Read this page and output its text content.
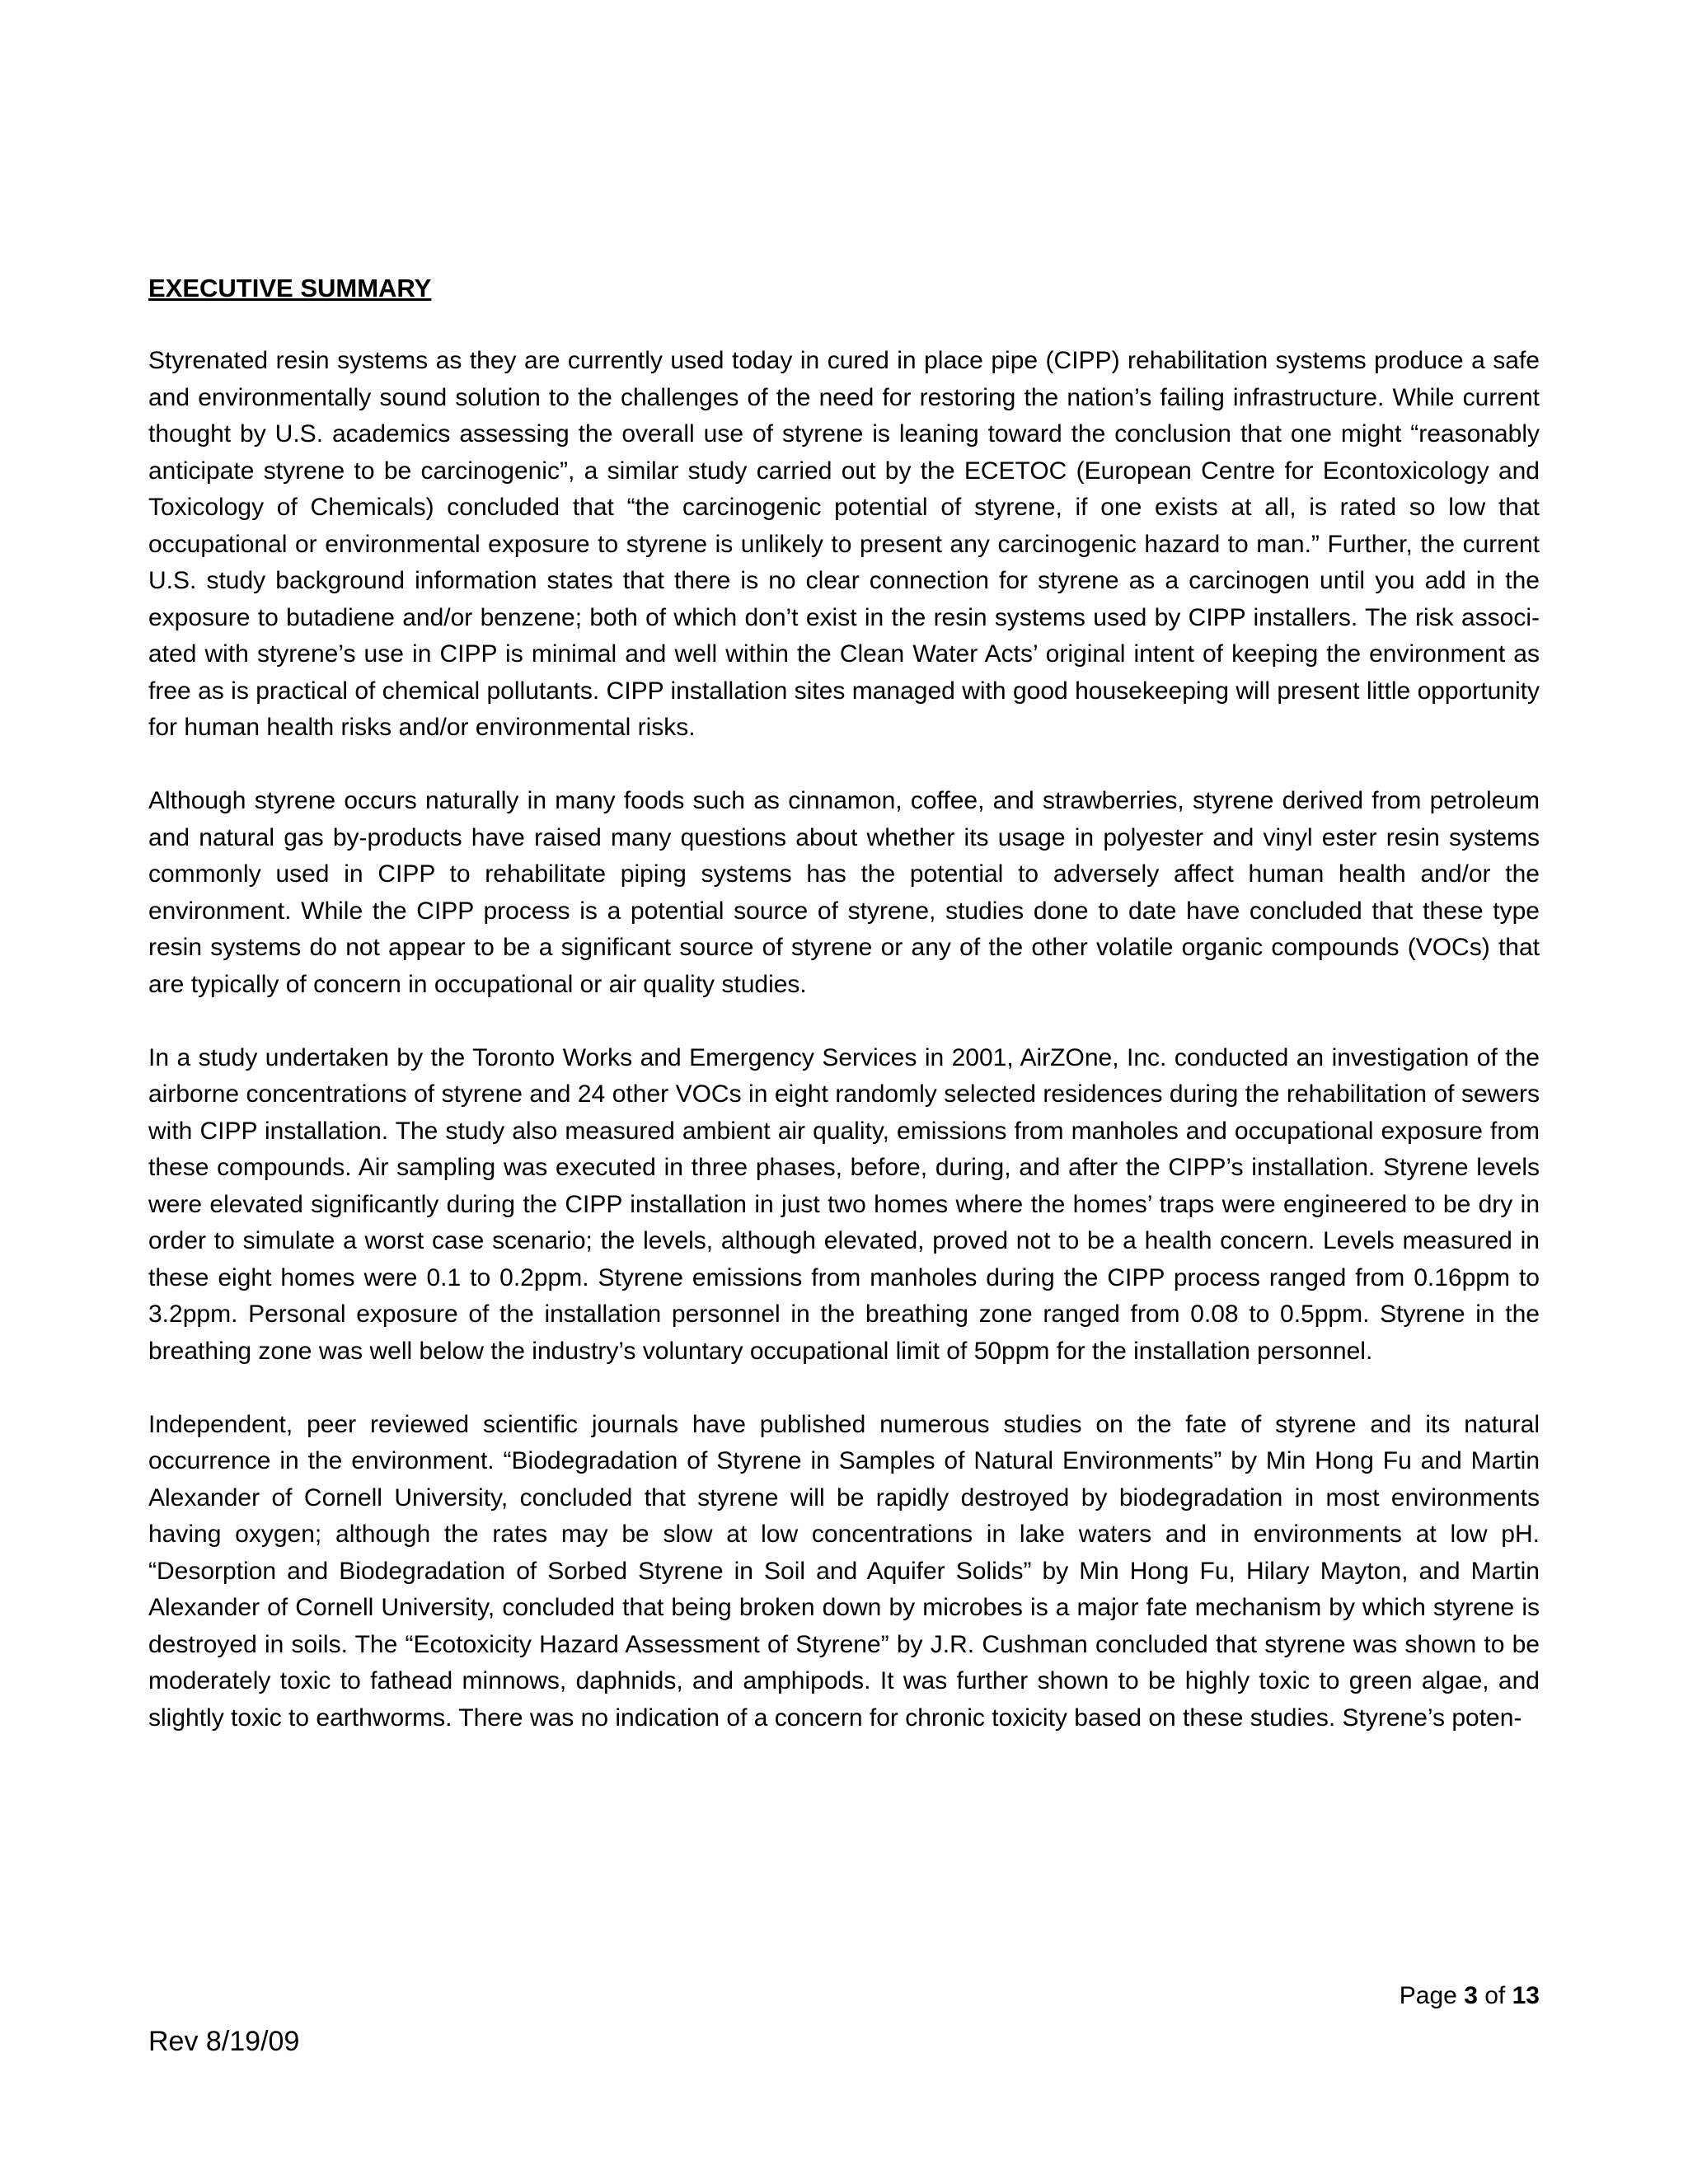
EXECUTIVE SUMMARY

Styrenated resin systems as they are currently used today in cured in place pipe (CIPP) rehabilitation systems produce a safe and environmentally sound solution to the challenges of the need for restoring the nation’s failing infrastructure. While current thought by U.S. academics assessing the overall use of styrene is leaning toward the conclusion that one might “reasonably anticipate styrene to be carcinogenic”, a similar study carried out by the ECETOC (European Centre for Econtoxicology and Toxicology of Chemicals) concluded that “the carcinogenic potential of styrene, if one exists at all, is rated so low that occupational or environmental exposure to styrene is unlikely to present any carcinogenic hazard to man.” Further, the current U.S. study background information states that there is no clear connection for styrene as a carcinogen until you add in the exposure to butadiene and/or benzene; both of which don’t exist in the resin systems used by CIPP installers. The risk associated with styrene’s use in CIPP is minimal and well within the Clean Water Acts’ original intent of keeping the environment as free as is practical of chemical pollutants. CIPP installation sites managed with good housekeeping will present little opportunity for human health risks and/or environmental risks.

Although styrene occurs naturally in many foods such as cinnamon, coffee, and strawberries, styrene derived from petroleum and natural gas by-products have raised many questions about whether its usage in polyester and vinyl ester resin systems commonly used in CIPP to rehabilitate piping systems has the potential to adversely affect human health and/or the environment. While the CIPP process is a potential source of styrene, studies done to date have concluded that these type resin systems do not appear to be a significant source of styrene or any of the other volatile organic compounds (VOCs) that are typically of concern in occupational or air quality studies.

In a study undertaken by the Toronto Works and Emergency Services in 2001, AirZOne, Inc. conducted an investigation of the airborne concentrations of styrene and 24 other VOCs in eight randomly selected residences during the rehabilitation of sewers with CIPP installation. The study also measured ambient air quality, emissions from manholes and occupational exposure from these compounds. Air sampling was executed in three phases, before, during, and after the CIPP’s installation. Styrene levels were elevated significantly during the CIPP installation in just two homes where the homes’ traps were engineered to be dry in order to simulate a worst case scenario; the levels, although elevated, proved not to be a health concern. Levels measured in these eight homes were 0.1 to 0.2ppm. Styrene emissions from manholes during the CIPP process ranged from 0.16ppm to 3.2ppm. Personal exposure of the installation personnel in the breathing zone ranged from 0.08 to 0.5ppm. Styrene in the breathing zone was well below the industry’s voluntary occupational limit of 50ppm for the installation personnel.

Independent, peer reviewed scientific journals have published numerous studies on the fate of styrene and its natural occurrence in the environment. “Biodegradation of Styrene in Samples of Natural Environments” by Min Hong Fu and Martin Alexander of Cornell University, concluded that styrene will be rapidly destroyed by biodegradation in most environments having oxygen; although the rates may be slow at low concentrations in lake waters and in environments at low pH. “Desorption and Biodegradation of Sorbed Styrene in Soil and Aquifer Solids” by Min Hong Fu, Hilary Mayton, and Martin Alexander of Cornell University, concluded that being broken down by microbes is a major fate mechanism by which styrene is destroyed in soils. The “Ecotoxicity Hazard Assessment of Styrene” by J.R. Cushman concluded that styrene was shown to be moderately toxic to fathead minnows, daphnids, and amphipods. It was further shown to be highly toxic to green algae, and slightly toxic to earthworms. There was no indication of a concern for chronic toxicity based on these studies. Styrene’s poten-

Page 3 of 13
Rev 8/19/09
